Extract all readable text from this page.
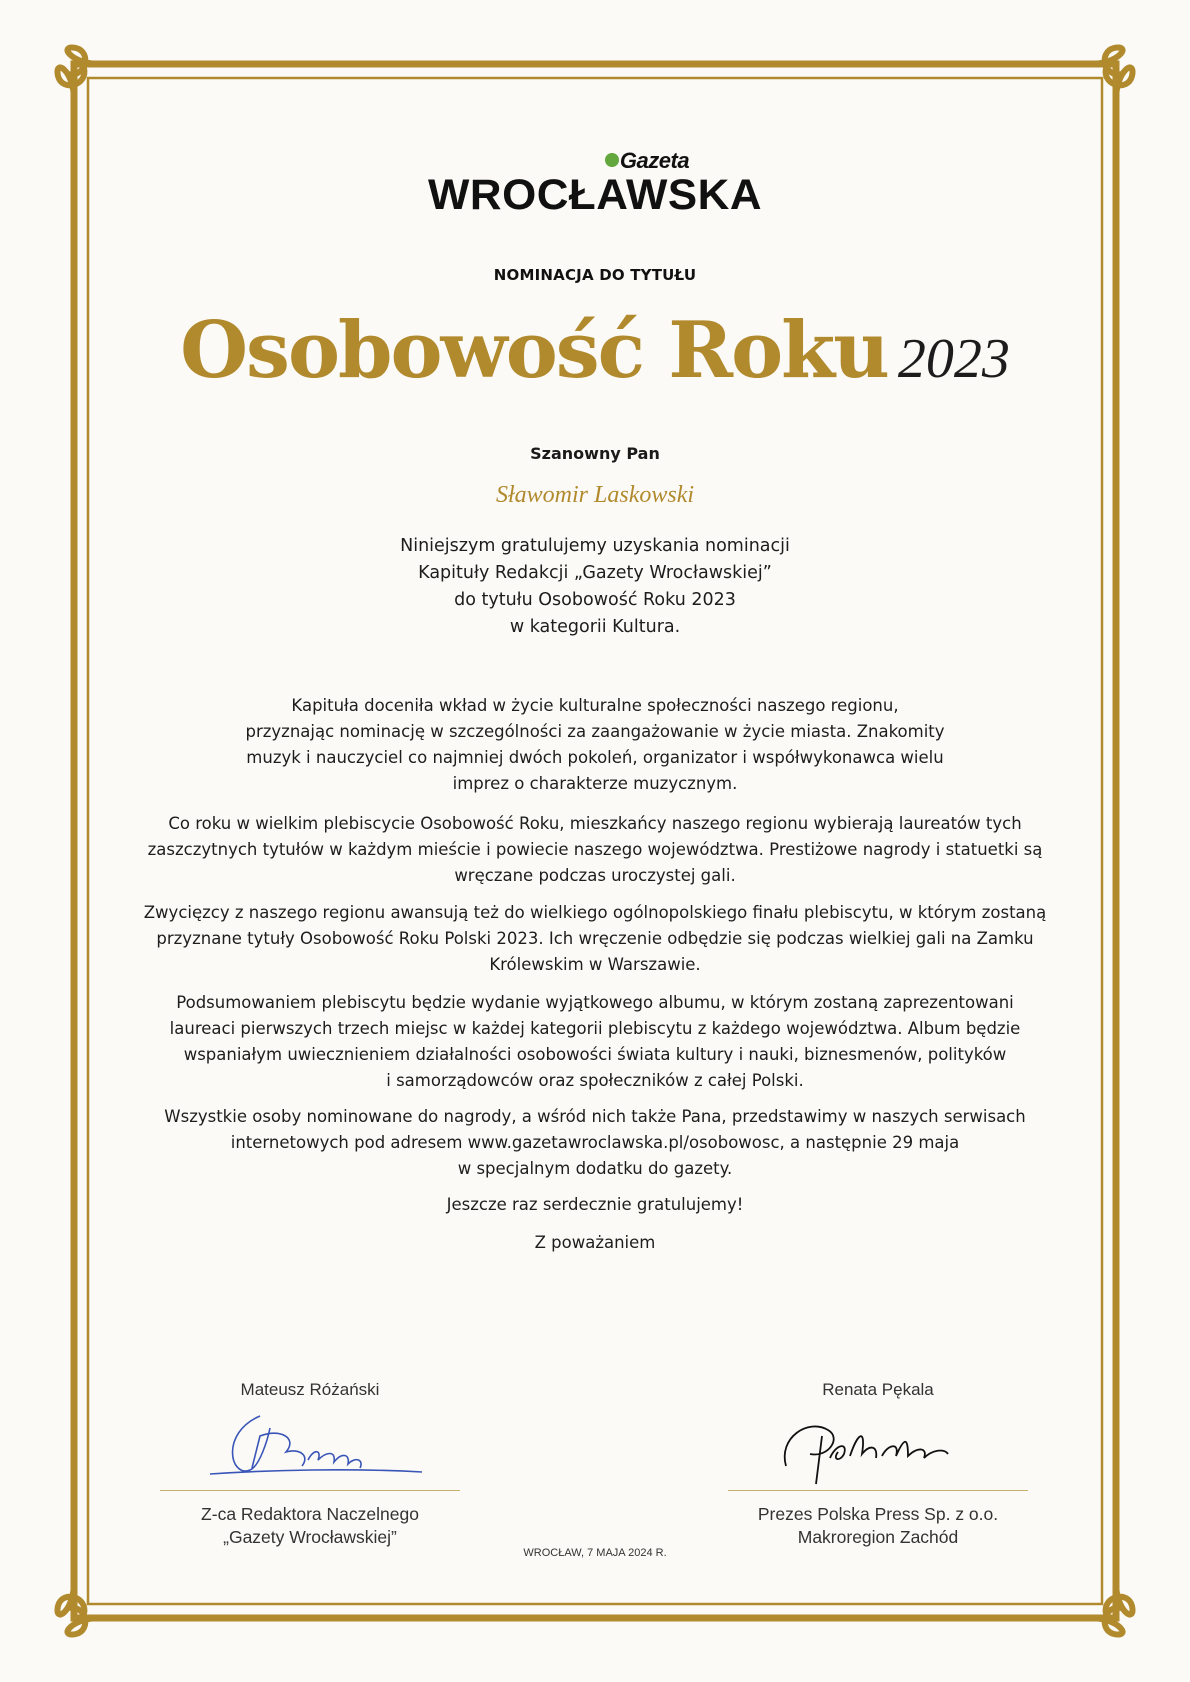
Gazeta
WROCŁAWSKA
NOMINACJA DO TYTUŁU
Osobowość Roku 2023
Szanowny Pan
Sławomir Laskowski
Niniejszym gratulujemy uzyskania nominacji
Kapituły Redakcji „Gazety Wrocławskiej”
do tytułu Osobowość Roku 2023
w kategorii Kultura.
Kapituła doceniła wkład w życie kulturalne społeczności naszego regionu,
przyznając nominację w szczególności za zaangażowanie w życie miasta. Znakomity
muzyk i nauczyciel co najmniej dwóch pokoleń, organizator i współwykonawca wielu
imprez o charakterze muzycznym.
Co roku w wielkim plebiscycie Osobowość Roku, mieszkańcy naszego regionu wybierają laureatów tych
zaszczytnych tytułów w każdym mieście i powiecie naszego województwa. Prestiżowe nagrody i statuetki są
wręczane podczas uroczystej gali.
Zwycięzcy z naszego regionu awansują też do wielkiego ogólnopolskiego finału plebiscytu, w którym zostaną
przyznane tytuły Osobowość Roku Polski 2023. Ich wręczenie odbędzie się podczas wielkiej gali na Zamku
Królewskim w Warszawie.
Podsumowaniem plebiscytu będzie wydanie wyjątkowego albumu, w którym zostaną zaprezentowani
laureaci pierwszych trzech miejsc w każdej kategorii plebiscytu z każdego województwa. Album będzie
wspaniałym uwiecznieniem działalności osobowości świata kultury i nauki, biznesmenów, polityków
i samorządowców oraz społeczników z całej Polski.
Wszystkie osoby nominowane do nagrody, a wśród nich także Pana, przedstawimy w naszych serwisach
internetowych pod adresem www.gazetawroclawska.pl/osobowosc, a następnie 29 maja
w specjalnym dodatku do gazety.
Jeszcze raz serdecznie gratulujemy!
Z poważaniem
Mateusz Różański
Z-ca Redaktora Naczelnego
„Gazety Wrocławskiej”
Renata Pękala
Prezes Polska Press Sp. z o.o.
Makroregion Zachód
WROCŁAW, 7 MAJA 2024 R.
